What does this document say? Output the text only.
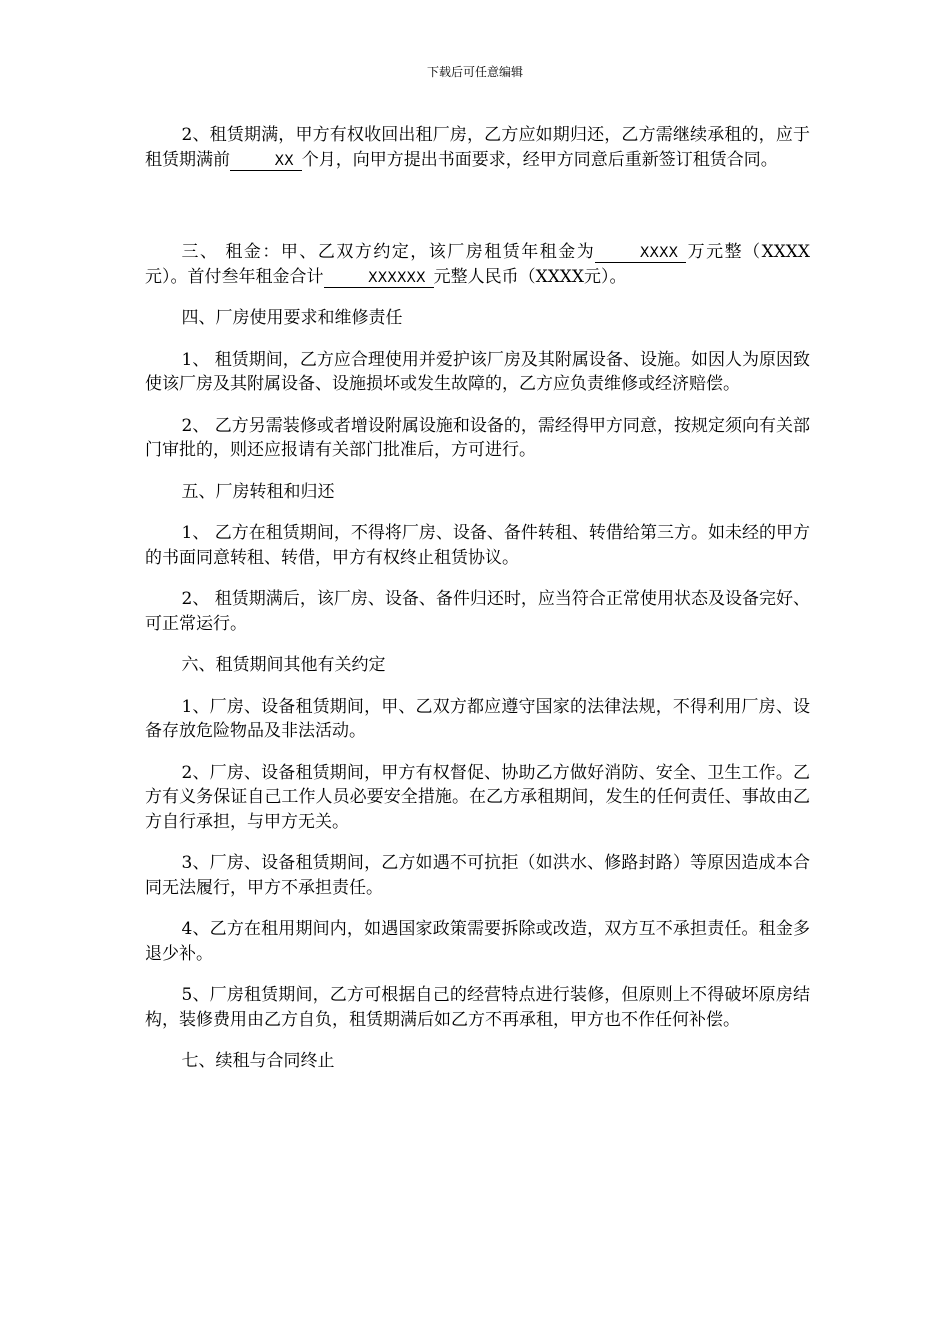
下载后可任意编辑

2、租赁期满，甲方有权收回出租厂房，乙方应如期归还，乙方需继续承租的，应于租赁期满前	XX 个月，向甲方提出书面要求，经甲方同意后重新签订租赁合同。

三、 租金：甲、乙双方约定，该厂房租赁年租金为	XXXX 万元整（XXXX元）。首付叁年租金合计	XXXXXX 元整人民币（XXXX元）。

四、厂房使用要求和维修责任

1、 租赁期间，乙方应合理使用并爱护该厂房及其附属设备、设施。如因人为原因致使该厂房及其附属设备、设施损坏或发生故障的，乙方应负责维修或经济赔偿。

2、 乙方另需装修或者增设附属设施和设备的，需经得甲方同意，按规定须向有关部门审批的，则还应报请有关部门批准后，方可进行。

五、厂房转租和归还

1、 乙方在租赁期间，不得将厂房、设备、备件转租、转借给第三方。如未经的甲方的书面同意转租、转借，甲方有权终止租赁协议。

2、 租赁期满后，该厂房、设备、备件归还时，应当符合正常使用状态及设备完好、可正常运行。

六、租赁期间其他有关约定

1、厂房、设备租赁期间，甲、乙双方都应遵守国家的法律法规，不得利用厂房、设备存放危险物品及非法活动。

2、厂房、设备租赁期间，甲方有权督促、协助乙方做好消防、安全、卫生工作。乙方有义务保证自己工作人员必要安全措施。在乙方承租期间，发生的任何责任、事故由乙方自行承担，与甲方无关。

3、厂房、设备租赁期间，乙方如遇不可抗拒（如洪水、修路封路）等原因造成本合同无法履行，甲方不承担责任。

4、乙方在租用期间内，如遇国家政策需要拆除或改造，双方互不承担责任。租金多退少补。

5、厂房租赁期间，乙方可根据自己的经营特点进行装修，但原则上不得破坏原房结构，装修费用由乙方自负，租赁期满后如乙方不再承租，甲方也不作任何补偿。

七、续租与合同终止
